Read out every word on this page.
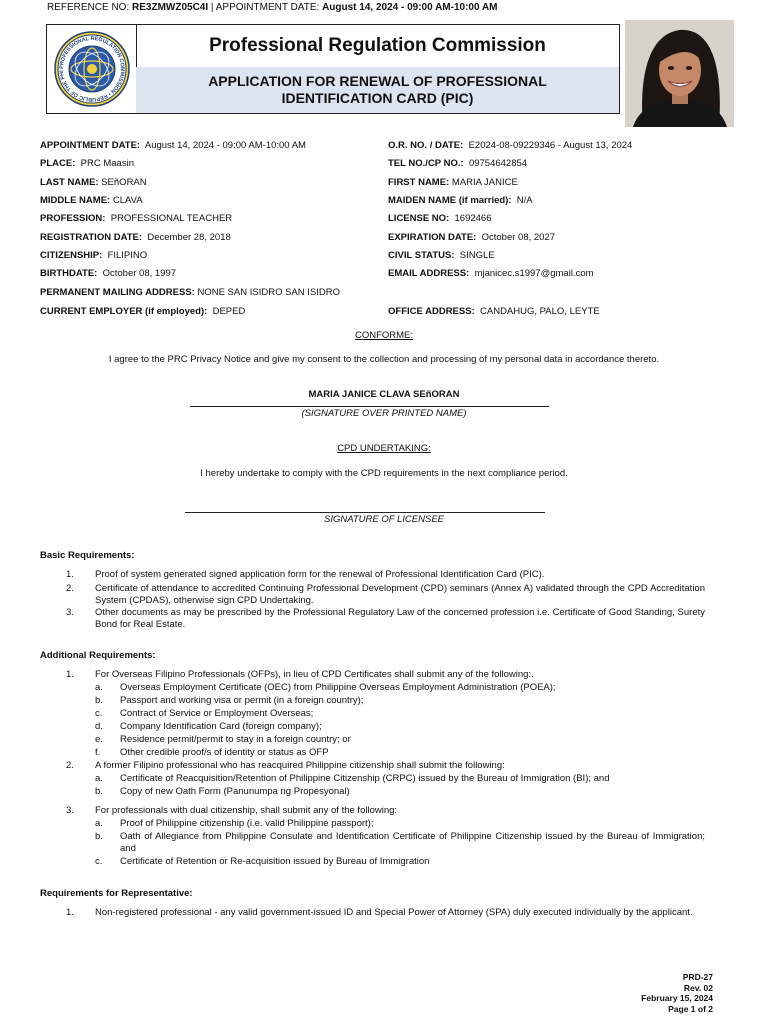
REFERENCE NO: RE3ZMWZ05C4I | APPOINTMENT DATE: August 14, 2024 - 09:00 AM-10:00 AM
PROFESSIONAL REGULATION COMMISSION • REPUBLIC OF THE PHI
Professional Regulation Commission
APPLICATION FOR RENEWAL OF PROFESSIONAL
IDENTIFICATION CARD (PIC)
APPOINTMENT DATE: August 14, 2024 - 09:00 AM-10:00 AM	O.R. NO. / DATE: E2024-08-09229346 - August 13, 2024
PLACE: PRC Maasin	TEL NO./CP NO.: 09754642854
LAST NAME: SEñORAN	FIRST NAME: MARIA JANICE
MIDDLE NAME: CLAVA	MAIDEN NAME (if married): N/A
PROFESSION: PROFESSIONAL TEACHER	LICENSE NO: 1692466
REGISTRATION DATE: December 28, 2018	EXPIRATION DATE: October 08, 2027
CITIZENSHIP: FILIPINO	CIVIL STATUS: SINGLE
BIRTHDATE: October 08, 1997	EMAIL ADDRESS: mjanicec.s1997@gmail.com
PERMANENT MAILING ADDRESS: NONE SAN ISIDRO SAN ISIDRO
CURRENT EMPLOYER (if employed): DEPED	OFFICE ADDRESS: CANDAHUG, PALO, LEYTE
CONFORME:
I agree to the PRC Privacy Notice and give my consent to the collection and processing of my personal data in accordance thereto.
MARIA JANICE CLAVA SEñORAN
(SIGNATURE OVER PRINTED NAME)
CPD UNDERTAKING:
I hereby undertake to comply with the CPD requirements in the next compliance period.
SIGNATURE OF LICENSEE
Basic Requirements:
1.	Proof of system generated signed application form for the renewal of Professional Identification Card (PIC).
2.	Certificate of attendance to accredited Continuing Professional Development (CPD) seminars (Annex A) validated through the CPD Accreditation System (CPDAS), otherwise sign CPD Undertaking.
3.	Other documents as may be prescribed by the Professional Regulatory Law of the concerned profession i.e. Certificate of Good Standing, Surety Bond for Real Estate.
Additional Requirements:
1.	For Overseas Filipino Professionals (OFPs), in lieu of CPD Certificates shall submit any of the following:.
a.	Overseas Employment Certificate (OEC) from Philippine Overseas Employment Administration (POEA);
b.	Passport and working visa or permit (in a foreign country);
c.	Contract of Service or Employment Overseas;
d.	Company Identification Card (foreign company);
e.	Residence permit/permit to stay in a foreign country; or
f.	Other credible proof/s of identity or status as OFP
2.	A former Filipino professional who has reacquired Philippine citizenship shall submit the following:
a.	Certificate of Reacquisition/Retention of Philippine Citizenship (CRPC) issued by the Bureau of Immigration (BI); and
b.	Copy of new Oath Form (Panunumpa ng Propesyonal)
3.	For professionals with dual citizenship, shall submit any of the following:
a.	Proof of Philippine citizenship (i.e. valid Philippine passport);
b.	Oath of Allegiance from Philippine Consulate and Identification Certificate of Philippine Citizenship issued by the Bureau of Immigration; and
c.	Certificate of Retention or Re-acquisition issued by Bureau of Immigration
Requirements for Representative:
1.	Non-registered professional - any valid government-issued ID and Special Power of Attorney (SPA) duly executed individually by the applicant.
PRD-27
Rev. 02
February 15, 2024
Page 1 of 2
